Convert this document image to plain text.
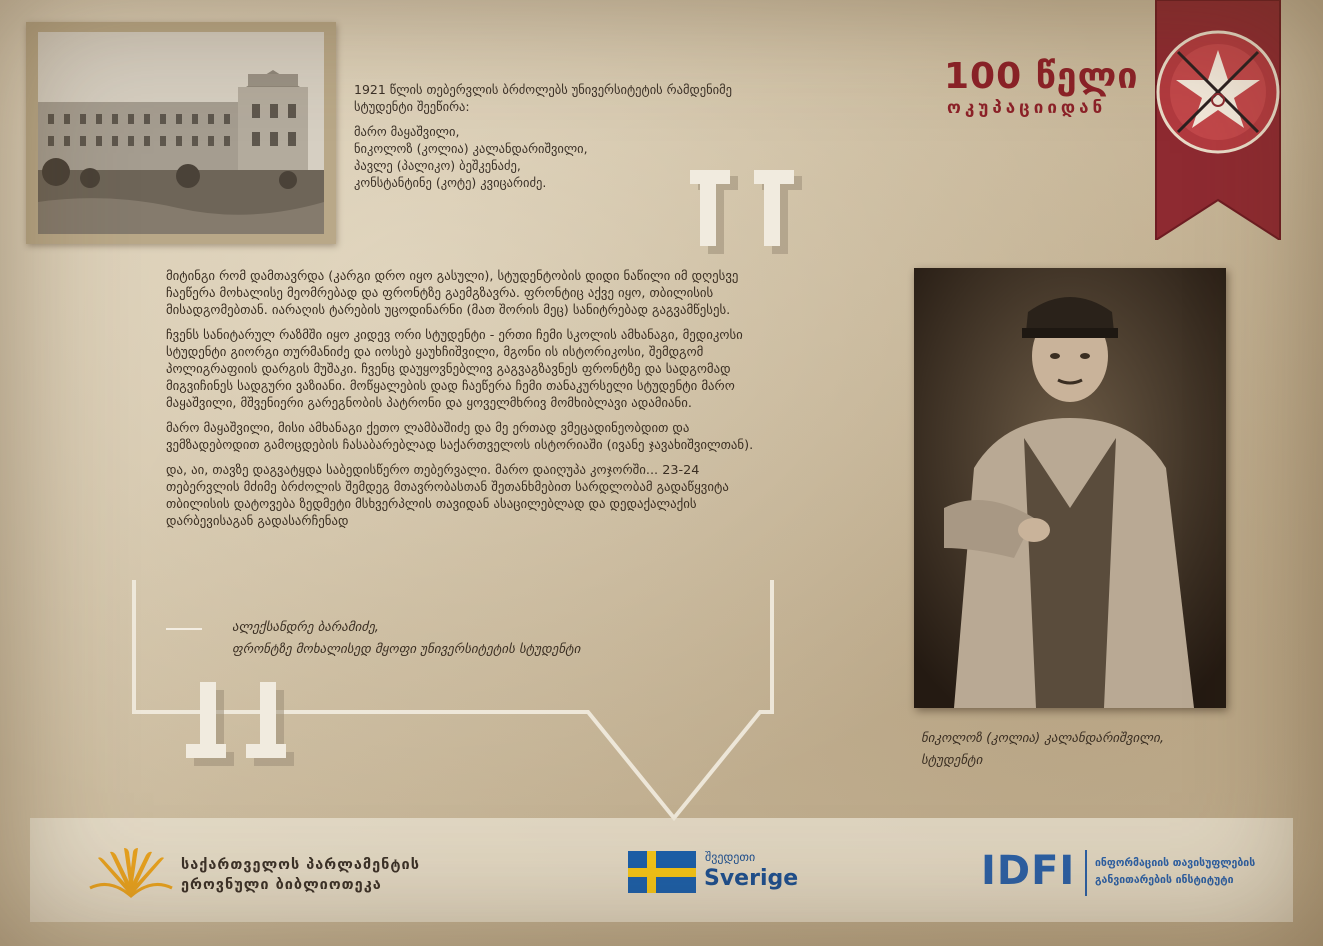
1921 წლის თებერვლის ბრძოლებს უნივერსიტეტის რამდენიმე სტუდენტი შეეწირა:

მარო მაყაშვილი,
ნიკოლოზ (კოლია) კალანდარიშვილი,
პავლე (პალიკო) ბეშკენაძე,
კონსტანტინე (კოტე) კვიცარიძე.

მიტინგი რომ დამთავრდა (კარგი დრო იყო გასული), სტუდენტობის დიდი ნაწილი იმ დღესვე ჩაეწერა მოხალისე მეომრებად და ფრონტზე გაემგზავრა. ფრონტიც აქვე იყო, თბილისის მისადგომებთან. იარაღის ტარების უცოდინარნი (მათ შორის მეც) სანიტრებად გაგვამწესეს.

ჩვენს სანიტარულ რაზმში იყო კიდევ ორი სტუდენტი - ერთი ჩემი სკოლის ამხანაგი, მედიკოსი სტუდენტი გიორგი თურმანიძე და იოსებ ყაუხჩიშვილი, მგონი ის ისტორიკოსი, შემდგომ პოლიგრაფიის დარგის მუშაკი. ჩვენც დაუყოვნებლივ გაგვაგზავნეს ფრონტზე და სადგომად მიგვიჩინეს სადგური ვაზიანი. მოწყალების დად ჩაეწერა ჩემი თანაკურსელი სტუდენტი მარო მაყაშვილი, მშვენიერი გარეგნობის პატრონი და ყოველმხრივ მომხიბლავი ადამიანი.

მარო მაყაშვილი, მისი ამხანაგი ქეთო ლამბაშიძე და მე ერთად ვმეცადინეობდით და ვემზადებოდით გამოცდების ჩასაბარებლად საქართველოს ისტორიაში (ივანე ჯავახიშვილთან).

და, აი, თავზე დაგვატყდა საბედისწერო თებერვალი. მარო დაიღუპა კოჯორში... 23-24 თებერვლის მძიმე ბრძოლის შემდეგ მთავრობასთან შეთანხმებით სარდლობამ გადაწყვიტა თბილისის დატოვება ზედმეტი მსხვერპლის თავიდან ასაცილებლად და დედაქალაქის დარბევისაგან გადასარჩენად

ალექსანდრე ბარამიძე,
ფრონტზე მოხალისედ მყოფი უნივერსიტეტის სტუდენტი
100 წელი
ოკუპაციიდან
ნიკოლოზ (კოლია) კალანდარიშვილი,
სტუდენტი
საქართველოს პარლამენტის
ეროვნული ბიბლიოთეკა
შვედეთი
Sverige	IDFI ინფორმაციის თავისუფლების
განვითარების ინსტიტუტი
